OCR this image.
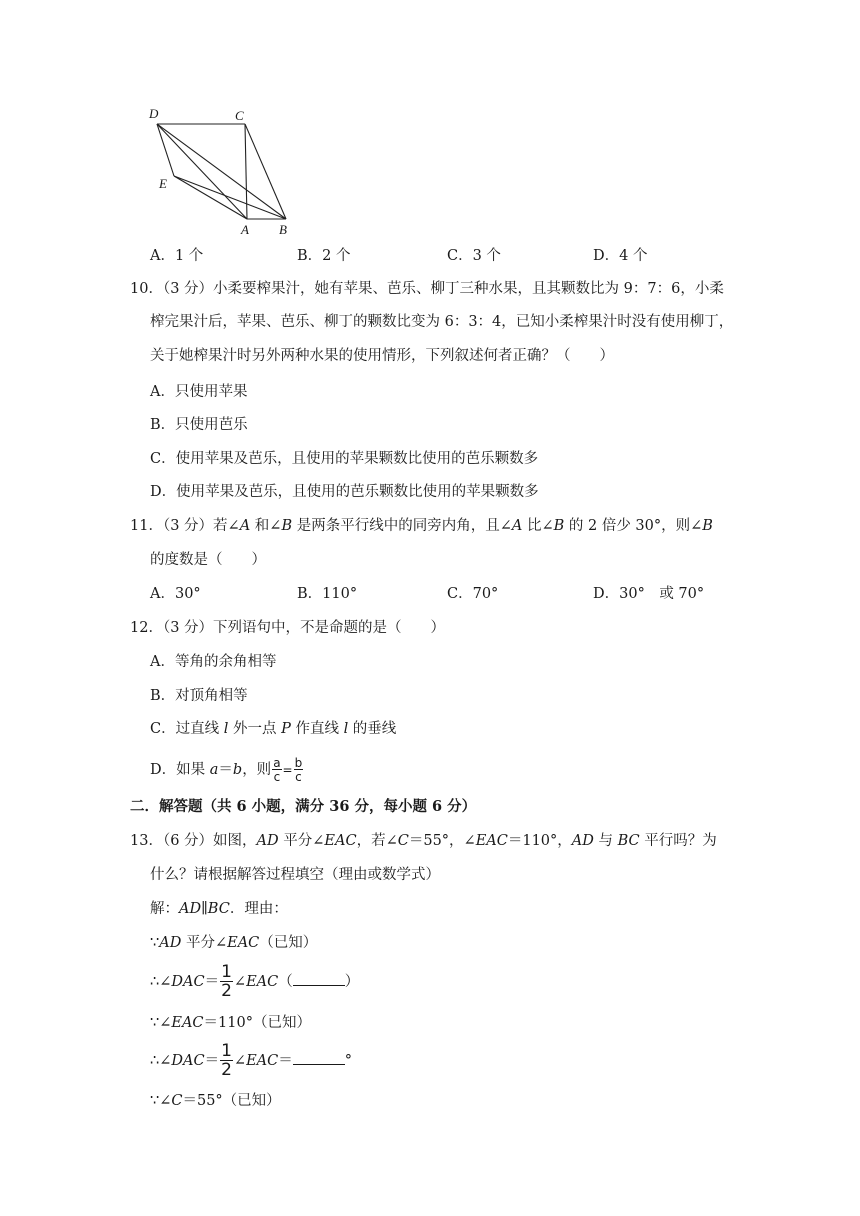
D	C
E
A B
A．1 个	B．2 个	C．3 个	D．4 个
10．（3 分）小柔要榨果汁，她有苹果、芭乐、柳丁三种水果，且其颗数比为 9：7：6，小柔
榨完果汁后，苹果、芭乐、柳丁的颗数比变为 6：3：4，已知小柔榨果汁时没有使用柳丁，
关于她榨果汁时另外两种水果的使用情形，下列叙述何者正确？（　　）
A．只使用苹果
B．只使用芭乐
C．使用苹果及芭乐，且使用的苹果颗数比使用的芭乐颗数多
D．使用苹果及芭乐，且使用的芭乐颗数比使用的苹果颗数多
11．（3 分）若∠A 和∠B 是两条平行线中的同旁内角，且∠A 比∠B 的 2 倍少 30°，则∠B
的度数是（　　）
A．30°	B．110°	C．70°	D．30°　或 70°
12．（3 分）下列语句中，不是命题的是（　　）
A．等角的余角相等
B．对顶角相等
C．过直线 l 外一点 P 作直线 l 的垂线
D．如果 a＝b，则 $\frac{a}{c} = \frac{b}{c}$
二．解答题（共 6 小题，满分 36 分，每小题 6 分）
13．（6 分）如图，AD 平分∠EAC，若∠C＝55°，∠EAC＝110°，AD 与 BC 平行吗？为
什么？请根据解答过程填空（理由或数学式）
解：AD∥BC．理由：
∵AD 平分∠EAC（已知）
∴∠DAC＝ $\frac{1}{2}$ ∠EAC（	）
∵∠EAC＝110°（已知）
∴∠DAC＝ $\frac{1}{2}$ ∠EAC＝	°
∵∠C＝55°（已知）
